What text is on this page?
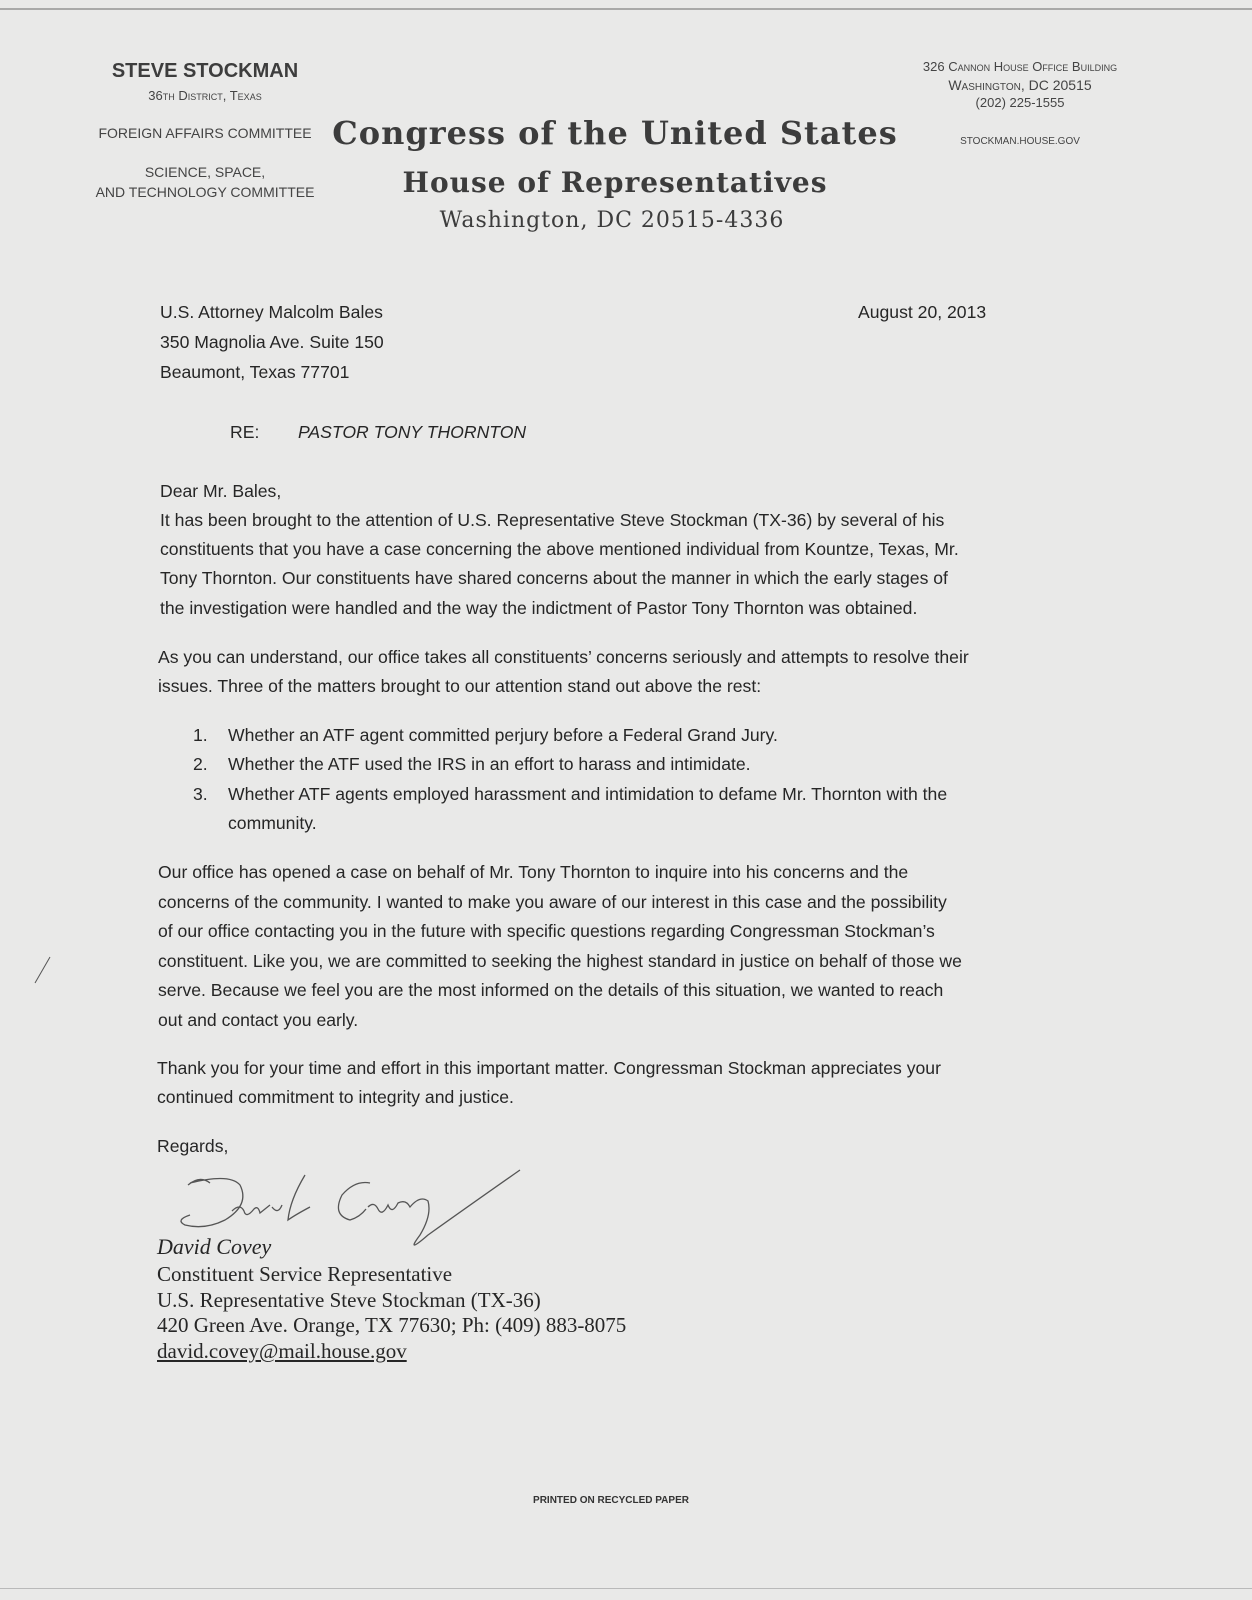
STEVE STOCKMAN
36th District, Texas
FOREIGN AFFAIRS COMMITTEE
SCIENCE, SPACE,
AND TECHNOLOGY COMMITTEE
Congress of the United States
House of Representatives
Washington, DC 20515-4336
326 Cannon House Office Building
Washington, DC 20515
(202) 225-1555
STOCKMAN.HOUSE.GOV
U.S. Attorney Malcolm Bales
350 Magnolia Ave. Suite 150
Beaumont, Texas 77701
August 20, 2013
RE: PASTOR TONY THORNTON
Dear Mr. Bales,
It has been brought to the attention of U.S. Representative Steve Stockman (TX-36) by several of his
constituents that you have a case concerning the above mentioned individual from Kountze, Texas, Mr.
Tony Thornton. Our constituents have shared concerns about the manner in which the early stages of
the investigation were handled and the way the indictment of Pastor Tony Thornton was obtained.
As you can understand, our office takes all constituents’ concerns seriously and attempts to resolve their
issues. Three of the matters brought to our attention stand out above the rest:
1. Whether an ATF agent committed perjury before a Federal Grand Jury.
2. Whether the ATF used the IRS in an effort to harass and intimidate.
3. Whether ATF agents employed harassment and intimidation to defame Mr. Thornton with the
community.
Our office has opened a case on behalf of Mr. Tony Thornton to inquire into his concerns and the
concerns of the community. I wanted to make you aware of our interest in this case and the possibility
of our office contacting you in the future with specific questions regarding Congressman Stockman’s
constituent. Like you, we are committed to seeking the highest standard in justice on behalf of those we
serve. Because we feel you are the most informed on the details of this situation, we wanted to reach
out and contact you early.
Thank you for your time and effort in this important matter. Congressman Stockman appreciates your
continued commitment to integrity and justice.
Regards,
David Covey
Constituent Service Representative
U.S. Representative Steve Stockman (TX-36)
420 Green Ave. Orange, TX 77630; Ph: (409) 883-8075
david.covey@mail.house.gov
PRINTED ON RECYCLED PAPER
